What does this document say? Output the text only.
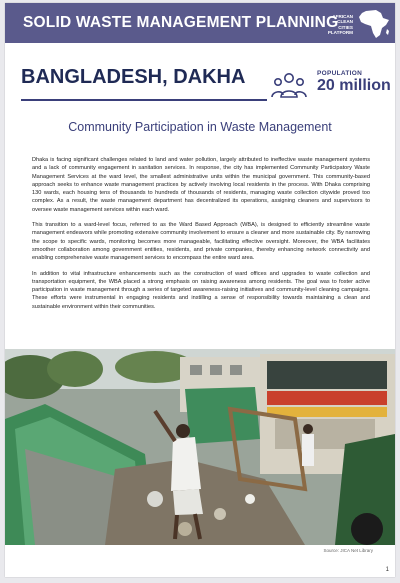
SOLID WASTE MANAGEMENT PLANNING
AFRICAN CLEAN CITIES PLATFORM
BANGLADESH, DAKHA	POPULATION
20 million
Community Participation in Waste Management

Dhaka is facing significant challenges related to land and water pollution, largely attributed to ineffective waste management systems and a lack of community engagement in sanitation services. In response, the city has implemented Community Participatory Waste Management Services at the ward level, the smallest administrative units within the municipal government. This community-based approach seeks to enhance waste management practices by actively involving local residents in the process. With Dhaka comprising 130 wards, each housing tens of thousands to hundreds of thousands of residents, managing waste collection citywide proved too complex. As a result, the waste management department has decentralized its operations, assigning cleaners and supervisors to oversee waste management services within each ward.

This transition to a ward-level focus, referred to as the Ward Based Approach (WBA), is designed to efficiently streamline waste management endeavors while promoting extensive community involvement to ensure a cleaner and more sustainable city. By narrowing the scope to specific wards, monitoring becomes more manageable, facilitating effective oversight. Moreover, the WBA facilitates smoother collaboration among government entities, residents, and private companies, thereby enhancing network connectivity and enabling comprehensive waste management services to encompass the entire ward area.

In addition to vital infrastructure enhancements such as the construction of ward offices and upgrades to waste collection and transportation equipment, the WBA placed a strong emphasis on raising awareness among residents. The goal was to foster active participation in waste management through a series of targeted awareness-raising initiatives and community-level cleaning campaigns. These efforts were instrumental in engaging residents and instilling a sense of responsibility towards maintaining a clean and sustainable environment within their communities.

Source: JICA Net Library
1
